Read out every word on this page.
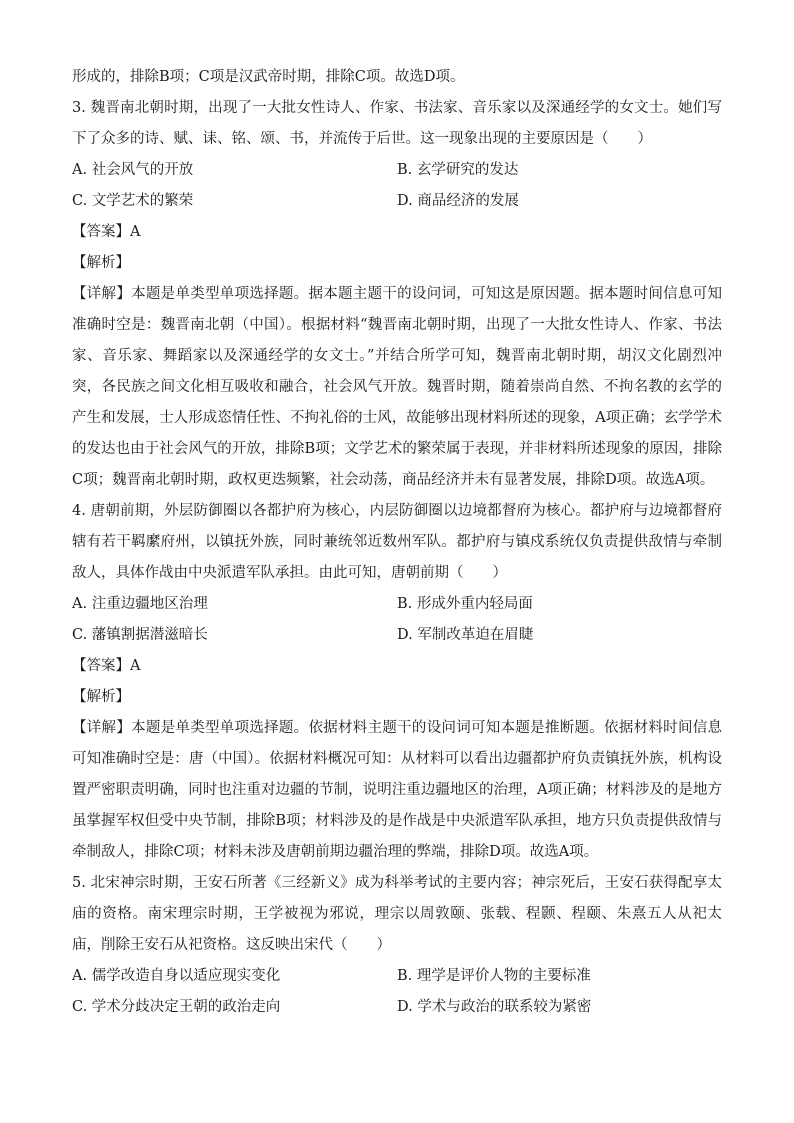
形成的，排除B项；C项是汉武帝时期，排除C项。故选D项。

3. 魏晋南北朝时期，出现了一大批女性诗人、作家、书法家、音乐家以及深通经学的女文士。她们写下了众多的诗、赋、诔、铭、颂、书，并流传于后世。这一现象出现的主要原因是（　　）

A. 社会风气的开放	B. 玄学研究的发达
C. 文学艺术的繁荣	D. 商品经济的发展

【答案】A

【解析】

【详解】本题是单类型单项选择题。据本题主题干的设问词，可知这是原因题。据本题时间信息可知准确时空是：魏晋南北朝（中国）。根据材料“魏晋南北朝时期，出现了一大批女性诗人、作家、书法家、音乐家、舞蹈家以及深通经学的女文士。”并结合所学可知，魏晋南北朝时期，胡汉文化剧烈冲突，各民族之间文化相互吸收和融合，社会风气开放。魏晋时期，随着崇尚自然、不拘名教的玄学的产生和发展，士人形成恣情任性、不拘礼俗的士风，故能够出现材料所述的现象，A项正确；玄学学术的发达也由于社会风气的开放，排除B项；文学艺术的繁荣属于表现，并非材料所述现象的原因，排除C项；魏晋南北朝时期，政权更迭频繁，社会动荡，商品经济并未有显著发展，排除D项。故选A项。

4. 唐朝前期，外层防御圈以各都护府为核心，内层防御圈以边境都督府为核心。都护府与边境都督府辖有若干羁縻府州，以镇抚外族，同时兼统邻近数州军队。都护府与镇戍系统仅负责提供敌情与牵制敌人，具体作战由中央派遣军队承担。由此可知，唐朝前期（　　）

A. 注重边疆地区治理	B. 形成外重内轻局面
C. 藩镇割据潜滋暗长	D. 军制改革迫在眉睫

【答案】A

【解析】

【详解】本题是单类型单项选择题。依据材料主题干的设问词可知本题是推断题。依据材料时间信息可知准确时空是：唐（中国）。依据材料概况可知：从材料可以看出边疆都护府负责镇抚外族，机构设置严密职责明确，同时也注重对边疆的节制，说明注重边疆地区的治理，A项正确；材料涉及的是地方虽掌握军权但受中央节制，排除B项；材料涉及的是作战是中央派遣军队承担，地方只负责提供敌情与牵制敌人，排除C项；材料未涉及唐朝前期边疆治理的弊端，排除D项。故选A项。

5. 北宋神宗时期，王安石所著《三经新义》成为科举考试的主要内容；神宗死后，王安石获得配享太庙的资格。南宋理宗时期，王学被视为邪说，理宗以周敦颐、张载、程颢、程颐、朱熹五人从祀太庙，削除王安石从祀资格。这反映出宋代（　　）

A. 儒学改造自身以适应现实变化	B. 理学是评价人物的主要标准
C. 学术分歧决定王朝的政治走向	D. 学术与政治的联系较为紧密
